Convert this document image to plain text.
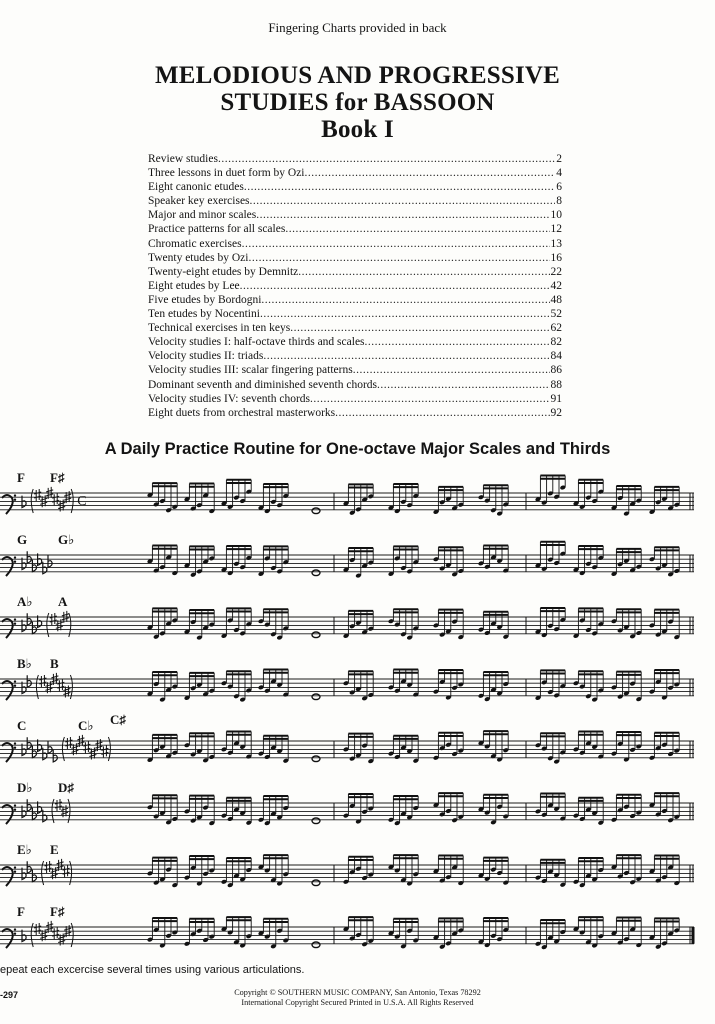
Fingering Charts provided in back
MELODIOUS AND PROGRESSIVE
STUDIES for BASSOON
Book I
Review studies .....	2
Three lessons in duet form by Ozi .....	4
Eight canonic etudes .....	6
Speaker key exercises .....	8
Major and minor scales .....	10
Practice patterns for all scales .....	12
Chromatic exercises .....	13
Twenty etudes by Ozi .....	16
Twenty-eight etudes by Demnitz .....	22
Eight etudes by Lee .....	42
Five etudes by Bordogni .....	48
Ten etudes by Nocentini .....	52
Technical exercises in ten keys .....	62
Velocity studies I: half-octave thirds and scales .....	82
Velocity studies II: triads .....	84
Velocity studies III: scalar fingering patterns .....	86
Dominant seventh and diminished seventh chords .....	88
Velocity studies IV: seventh chords .....	91
Eight duets from orchestral masterworks .....	92
A Daily Practice Routine for One-octave Major Scales and Thirds
F F♯
C
G G♭
A♭ A
B♭ B
C	C♭ C♯
D♭ D♯
E♭ E
F F♯
epeat each excercise several times using various articulations.
-297	Copyright © SOUTHERN MUSIC COMPANY, San Antonio, Texas 78292
International Copyright Secured Printed in U.S.A. All Rights Reserved
